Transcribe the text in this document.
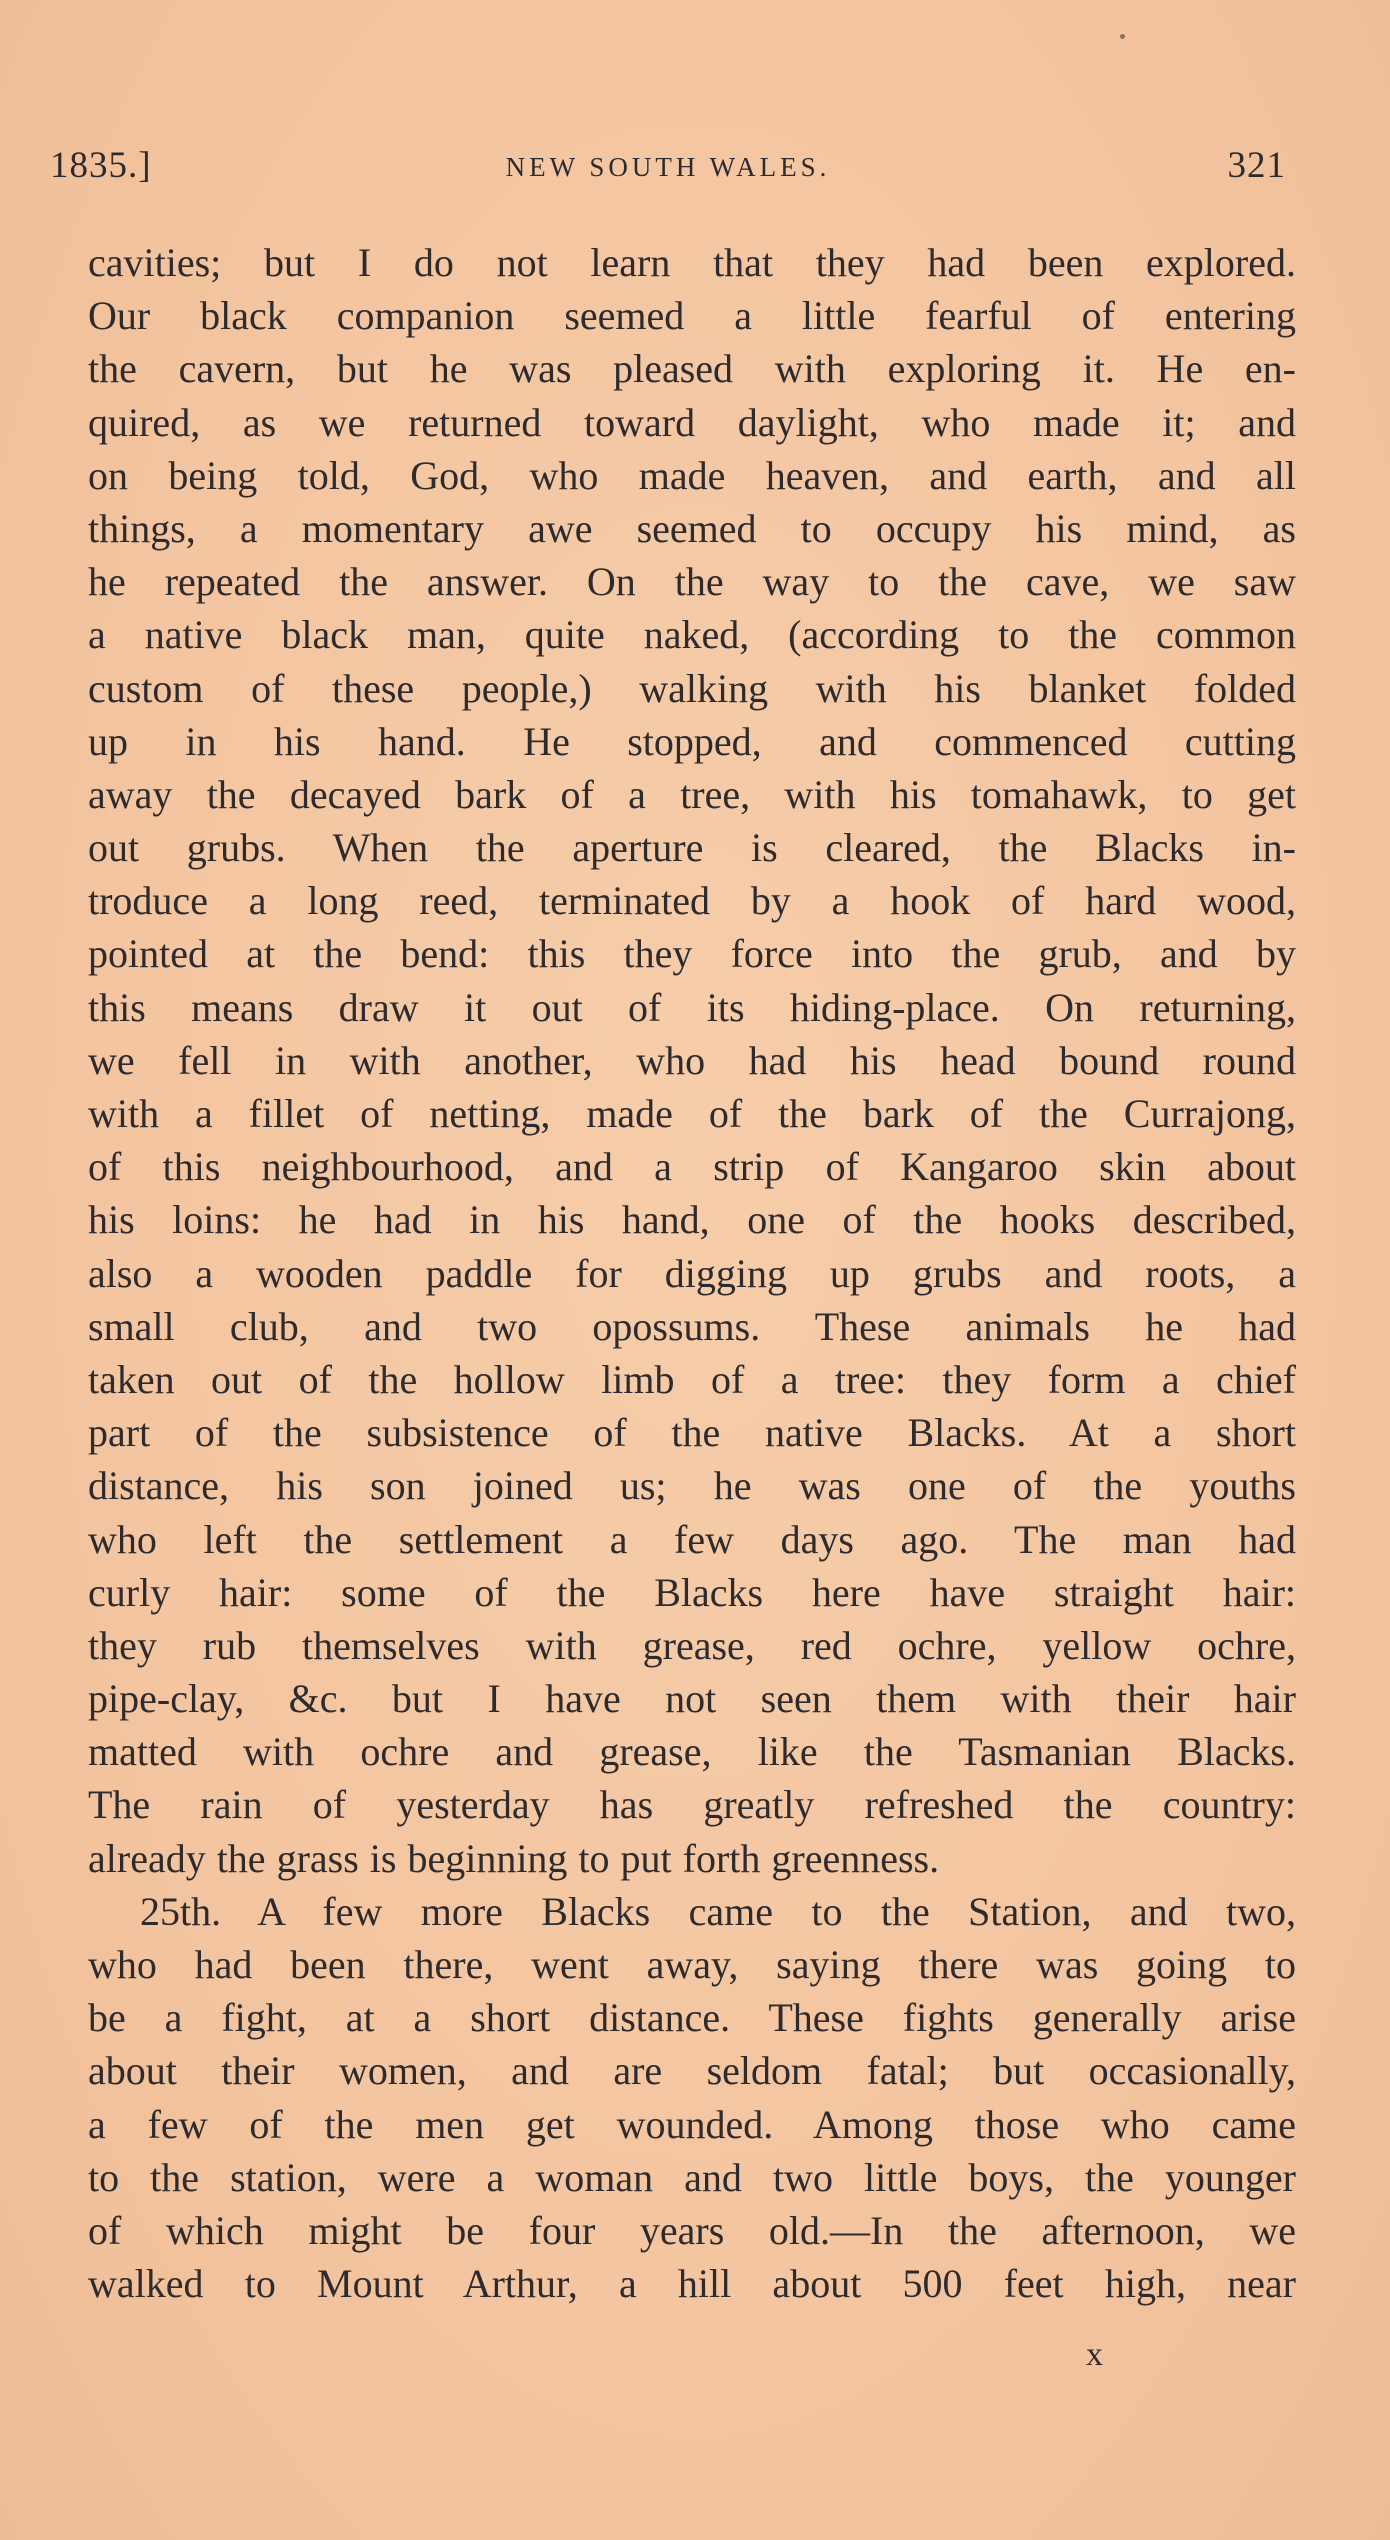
1835.]	NEW SOUTH WALES.	321
cavities; but I do not learn that they had been explored.
Our black companion seemed a little fearful of entering
the cavern, but he was pleased with exploring it. He en-
quired, as we returned toward daylight, who made it; and
on being told, God, who made heaven, and earth, and all
things, a momentary awe seemed to occupy his mind, as
he repeated the answer. On the way to the cave, we saw
a native black man, quite naked, (according to the common
custom of these people,) walking with his blanket folded
up in his hand. He stopped, and commenced cutting
away the decayed bark of a tree, with his tomahawk, to get
out grubs. When the aperture is cleared, the Blacks in-
troduce a long reed, terminated by a hook of hard wood,
pointed at the bend: this they force into the grub, and by
this means draw it out of its hiding-place. On returning,
we fell in with another, who had his head bound round
with a fillet of netting, made of the bark of the Currajong,
of this neighbourhood, and a strip of Kangaroo skin about
his loins: he had in his hand, one of the hooks described,
also a wooden paddle for digging up grubs and roots, a
small club, and two opossums. These animals he had
taken out of the hollow limb of a tree: they form a chief
part of the subsistence of the native Blacks. At a short
distance, his son joined us; he was one of the youths
who left the settlement a few days ago. The man had
curly hair: some of the Blacks here have straight hair:
they rub themselves with grease, red ochre, yellow ochre,
pipe-clay, &c. but I have not seen them with their hair
matted with ochre and grease, like the Tasmanian Blacks.
The rain of yesterday has greatly refreshed the country:
already the grass is beginning to put forth greenness.
25th. A few more Blacks came to the Station, and two,
who had been there, went away, saying there was going to
be a fight, at a short distance. These fights generally arise
about their women, and are seldom fatal; but occasionally,
a few of the men get wounded. Among those who came
to the station, were a woman and two little boys, the younger
of which might be four years old.—In the afternoon, we
walked to Mount Arthur, a hill about 500 feet high, near
x
